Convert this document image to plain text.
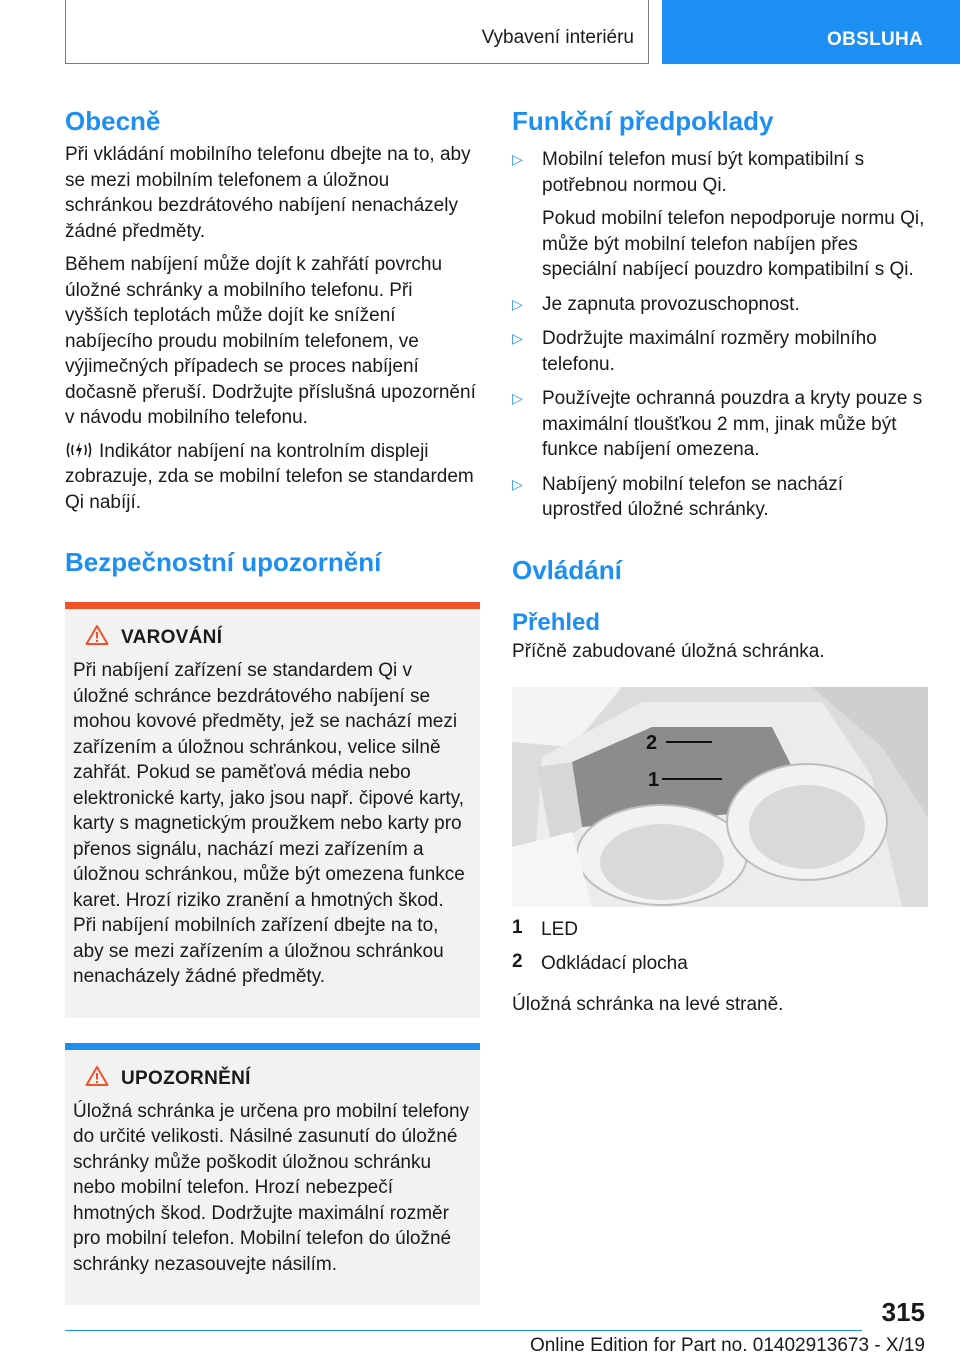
Vybavení interiéru	OBSLUHA
Obecně

Při vkládání mobilního telefonu dbejte na to, aby se mezi mobilním telefonem a úložnou schránkou bezdrátového nabíjení nenacházely žádné předměty.

Během nabíjení může dojít k zahřátí povrchu úložné schránky a mobilního telefonu. Při vyšších teplotách může dojít ke snížení nabíjecího proudu mobilním telefonem, ve výjimečných případech se proces nabíjení dočasně přeruší. Dodržujte příslušná upozornění v návodu mobilního telefonu.

Indikátor nabíjení na kontrolním displeji zobrazuje, zda se mobilní telefon se standardem Qi nabíjí.

Bezpečnostní upozornění
VAROVÁNÍ

Při nabíjení zařízení se standardem Qi v úložné schránce bezdrátového nabíjení se mohou kovové předměty, jež se nachází mezi zařízením a úložnou schránkou, velice silně zahřát. Pokud se paměťová média nebo elektronické karty, jako jsou např. čipové karty, karty s magnetickým proužkem nebo karty pro přenos signálu, nachází mezi zařízením a úložnou schránkou, může být omezena funkce karet. Hrozí riziko zranění a hmotných škod. Při nabíjení mobilních zařízení dbejte na to, aby se mezi zařízením a úložnou schránkou nenacházely žádné předměty.

UPOZORNĚNÍ

Úložná schránka je určena pro mobilní telefony do určité velikosti. Násilné zasunutí do úložné schránky může poškodit úložnou schránku nebo mobilní telefon. Hrozí nebezpečí hmotných škod. Dodržujte maximální rozměr pro mobilní telefon. Mobilní telefon do úložné schránky nezasouvejte násilím.

Funkční předpoklady
▷	Mobilní telefon musí být kompatibilní s potřebnou normou Qi.

Pokud mobilní telefon nepodporuje normu Qi, může být mobilní telefon nabíjen přes speciální nabíjecí pouzdro kompatibilní s Qi.

▷	Je zapnuta provozuschopnost.

▷	Dodržujte maximální rozměry mobilního telefonu.

▷	Používejte ochranná pouzdra a kryty pouze s maximální tloušťkou 2 mm, jinak může být funkce nabíjení omezena.

▷	Nabíjený mobilní telefon se nachází uprostřed úložné schránky.

Ovládání
Přehled

Příčně zabudované úložná schránka.

2
1
1 LED

2 Odkládací plocha

Úložná schránka na levé straně.

315
Online Edition for Part no. 01402913673 - X/19
